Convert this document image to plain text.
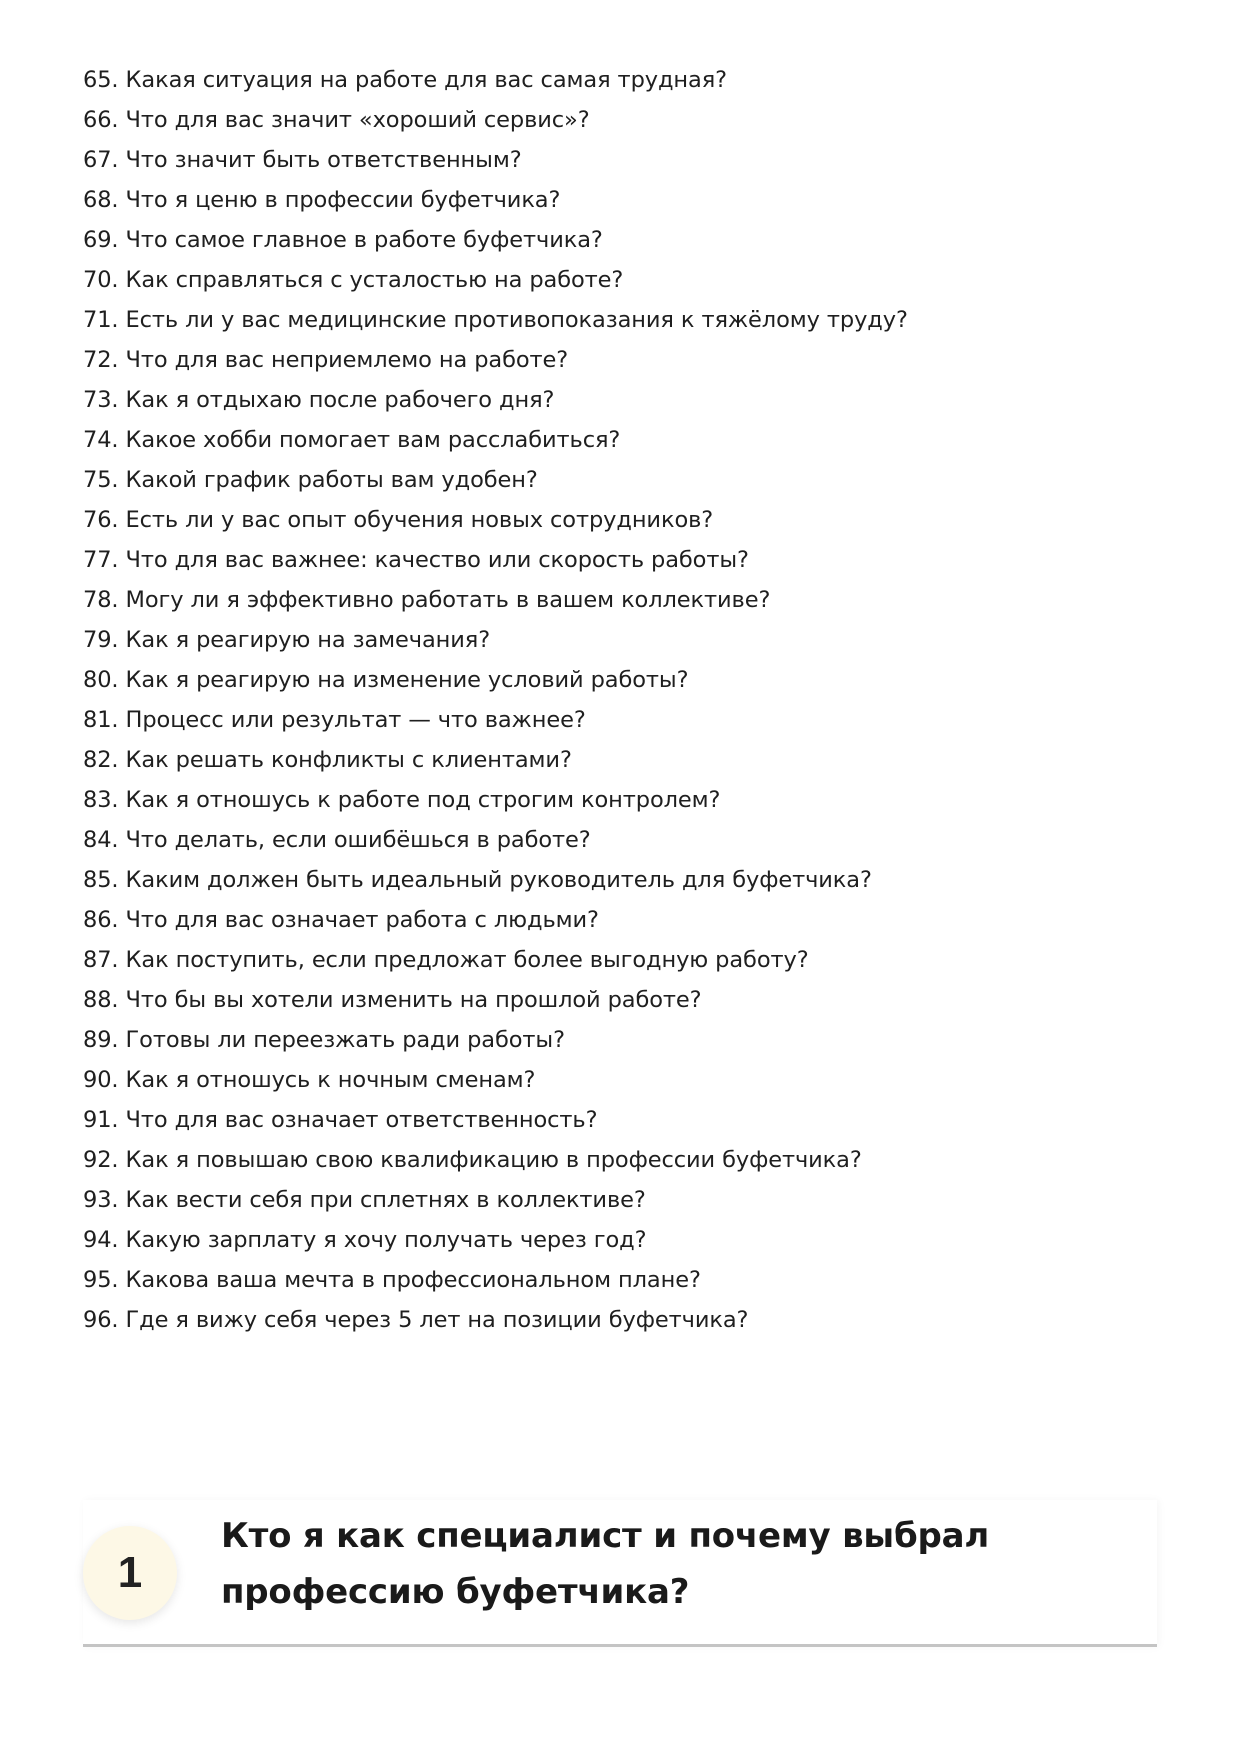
65. Какая ситуация на работе для вас самая трудная?
66. Что для вас значит «хороший сервис»?
67. Что значит быть ответственным?
68. Что я ценю в профессии буфетчика?
69. Что самое главное в работе буфетчика?
70. Как справляться с усталостью на работе?
71. Есть ли у вас медицинские противопоказания к тяжёлому труду?
72. Что для вас неприемлемо на работе?
73. Как я отдыхаю после рабочего дня?
74. Какое хобби помогает вам расслабиться?
75. Какой график работы вам удобен?
76. Есть ли у вас опыт обучения новых сотрудников?
77. Что для вас важнее: качество или скорость работы?
78. Могу ли я эффективно работать в вашем коллективе?
79. Как я реагирую на замечания?
80. Как я реагирую на изменение условий работы?
81. Процесс или результат — что важнее?
82. Как решать конфликты с клиентами?
83. Как я отношусь к работе под строгим контролем?
84. Что делать, если ошибёшься в работе?
85. Каким должен быть идеальный руководитель для буфетчика?
86. Что для вас означает работа с людьми?
87. Как поступить, если предложат более выгодную работу?
88. Что бы вы хотели изменить на прошлой работе?
89. Готовы ли переезжать ради работы?
90. Как я отношусь к ночным сменам?
91. Что для вас означает ответственность?
92. Как я повышаю свою квалификацию в профессии буфетчика?
93. Как вести себя при сплетнях в коллективе?
94. Какую зарплату я хочу получать через год?
95. Какова ваша мечта в профессиональном плане?
96. Где я вижу себя через 5 лет на позиции буфетчика?
1
Кто я как специалист и почему выбрал профессию буфетчика?
